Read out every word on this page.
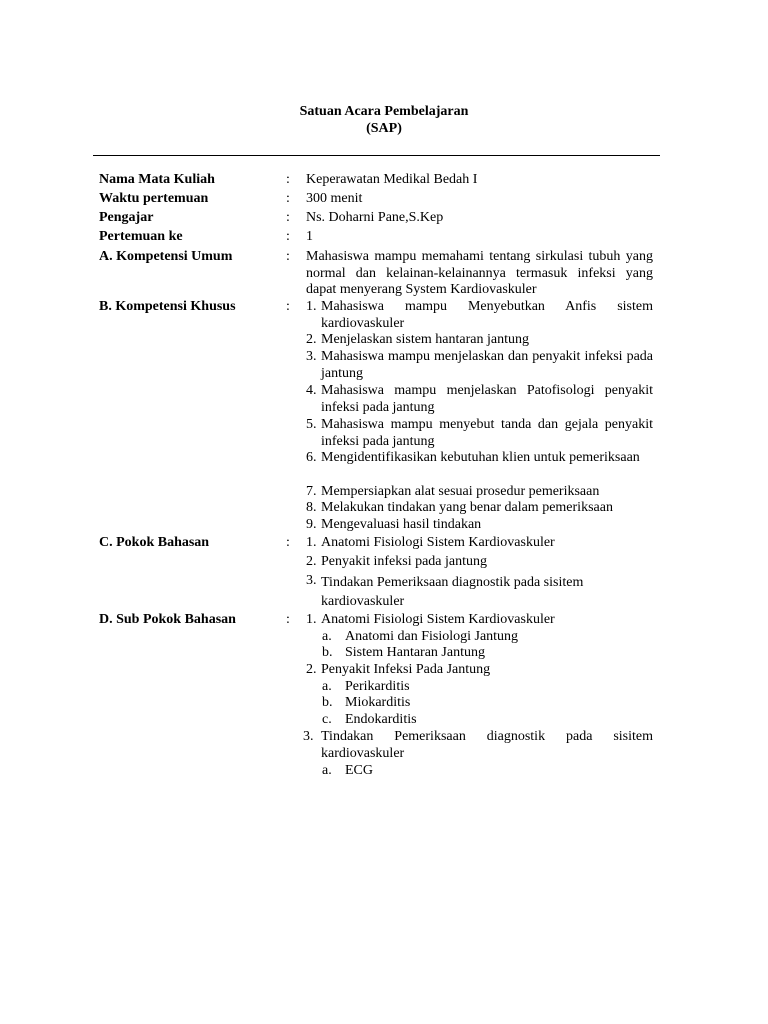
Satuan Acara Pembelajaran
(SAP)
Nama Mata Kuliah	: Keperawatan Medikal Bedah I
Waktu pertemuan	: 300 menit
Pengajar	: Ns. Doharni Pane,S.Kep
Pertemuan ke	: 1
A. Kompetensi Umum	: Mahasiswa mampu memahami tentang sirkulasi tubuh yang normal dan kelainan-kelainannya termasuk infeksi yang dapat menyerang System Kardiovaskuler
B. Kompetensi Khusus	: 1. Mahasiswa mampu Menyebutkan Anfis sistem kardiovaskuler
2. Menjelaskan sistem hantaran jantung
3. Mahasiswa mampu menjelaskan dan penyakit infeksi pada jantung
4. Mahasiswa mampu menjelaskan Patofisologi penyakit infeksi pada jantung
5. Mahasiswa mampu menyebut tanda dan gejala penyakit infeksi pada jantung
6. Mengidentifikasikan kebutuhan klien untuk pemeriksaan
7. Mempersiapkan alat sesuai prosedur pemeriksaan
8. Melakukan tindakan yang benar dalam pemeriksaan
9. Mengevaluasi hasil tindakan
C. Pokok Bahasan	: 1. Anatomi Fisiologi Sistem Kardiovaskuler
2. Penyakit infeksi pada jantung
3. Tindakan Pemeriksaan diagnostik pada sisitem kardiovaskuler
D. Sub Pokok Bahasan	: 1. Anatomi Fisiologi Sistem Kardiovaskuler
a. Anatomi dan Fisiologi Jantung
b. Sistem Hantaran Jantung
2. Penyakit Infeksi Pada Jantung
a. Perikarditis
b. Miokarditis
c. Endokarditis
3. Tindakan Pemeriksaan diagnostik pada sisitem kardiovaskuler
a. ECG
